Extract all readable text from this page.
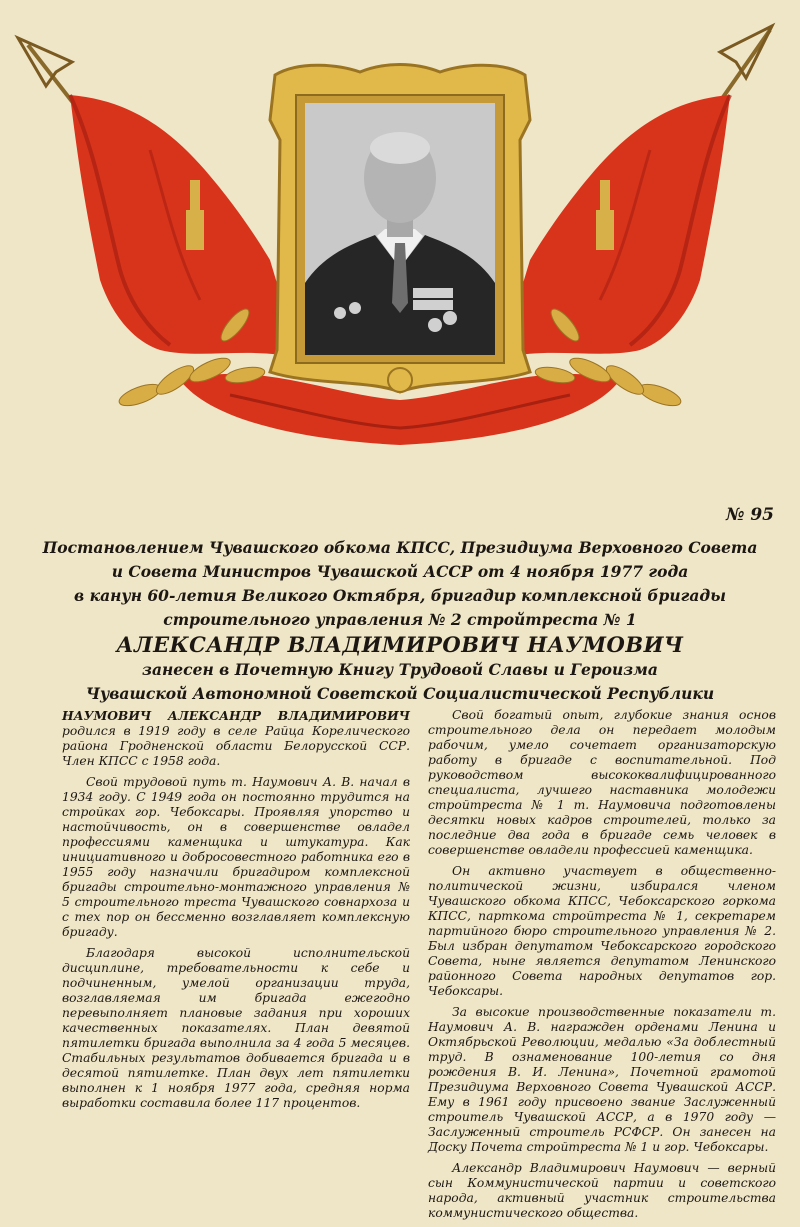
№ 95
Постановлением Чувашского обкома КПСС, Президиума Верховного Совета
и Совета Министров Чувашской АССР от 4 ноября 1977 года
в канун 60-летия Великого Октября, бригадир комплексной бригады
строительного управления № 2 стройтреста № 1
АЛЕКСАНДР ВЛАДИМИРОВИЧ НАУМОВИЧ
занесен в Почетную Книгу Трудовой Славы и Героизма
Чувашской Автономной Советской Социалистической Республики

НАУМОВИЧ АЛЕКСАНДР ВЛАДИМИРОВИЧ родился в 1919 году в селе Райца Корелического района Гродненской области Белорусской ССР. Член КПСС с 1958 года.

Свой трудовой путь т. Наумович А. В. начал в 1934 году. С 1949 года он постоянно трудится на стройках гор. Чебоксары. Проявляя упорство и настойчивость, он в совершенстве овладел профессиями каменщика и штукатура. Как инициативного и добросовестного работника его в 1955 году назначили бригадиром комплексной бригады строительно-монтажного управления № 5 строительного треста Чувашского совнархоза и с тех пор он бессменно возглавляет комплексную бригаду.

Благодаря высокой исполнительской дисциплине, требовательности к себе и подчиненным, умелой организации труда, возглавляемая им бригада ежегодно перевыполняет плановые задания при хороших качественных показателях. План девятой пятилетки бригада выполнила за 4 года 5 месяцев. Стабильных результатов добивается бригада и в десятой пятилетке. План двух лет пятилетки выполнен к 1 ноября 1977 года, средняя норма выработки составила более 117 процентов.

Свой богатый опыт, глубокие знания основ строительного дела он передает молодым рабочим, умело сочетает организаторскую работу в бригаде с воспитательной. Под руководством высококвалифицированного специалиста, лучшего наставника молодежи стройтреста № 1 т. Наумовича подготовлены десятки новых кадров строителей, только за последние два года в бригаде семь человек в совершенстве овладели профессией каменщика.

Он активно участвует в общественно-политической жизни, избирался членом Чувашского обкома КПСС, Чебоксарского горкома КПСС, парткома стройтреста № 1, секретарем партийного бюро строительного управления № 2. Был избран депутатом Чебоксарского городского Совета, ныне является депутатом Ленинского районного Совета народных депутатов гор. Чебоксары.

За высокие производственные показатели т. Наумович А. В. награжден орденами Ленина и Октябрьской Революции, медалью «За доблестный труд. В ознаменование 100-летия со дня рождения В. И. Ленина», Почетной грамотой Президиума Верховного Совета Чувашской АССР. Ему в 1961 году присвоено звание Заслуженный строитель Чувашской АССР, а в 1970 году — Заслуженный строитель РСФСР. Он занесен на Доску Почета стройтреста № 1 и гор. Чебоксары.

Александр Владимирович Наумович — верный сын Коммунистической партии и советского народа, активный участник строительства коммунистического общества.
